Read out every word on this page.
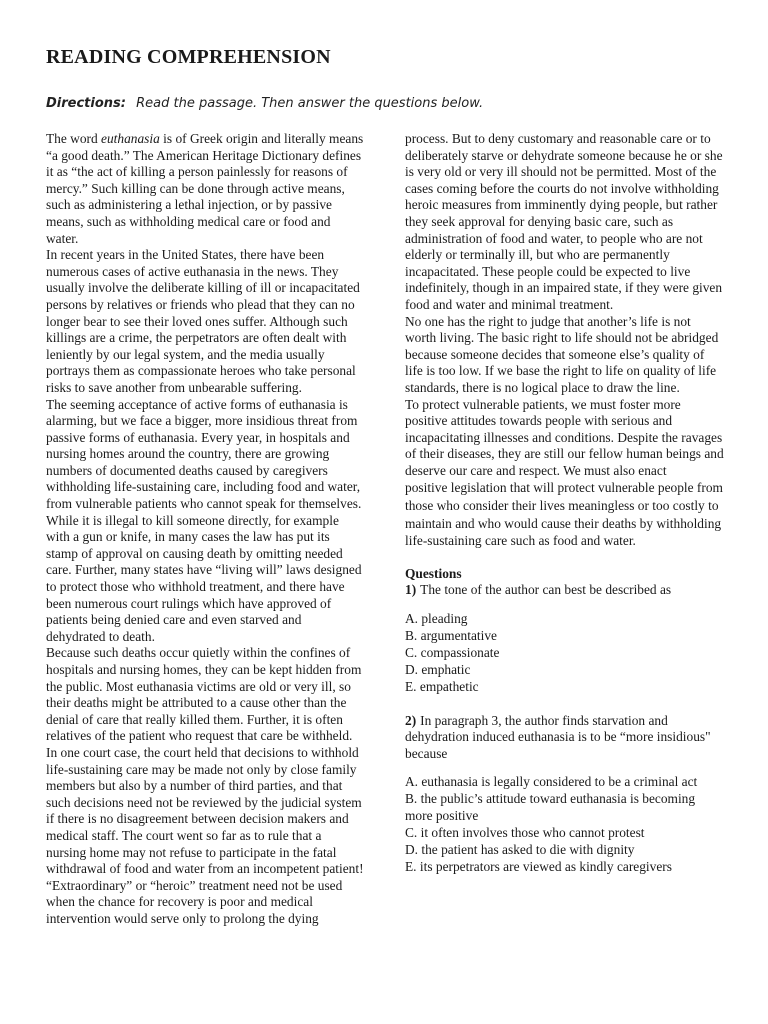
READING COMPREHENSION
Directions: Read the passage. Then answer the questions below.

The word euthanasia is of Greek origin and literally means “a good death.” The American Heritage Dictionary defines it as “the act of killing a person painlessly for reasons of mercy.” Such killing can be done through active means, such as administering a lethal injection, or by passive means, such as withholding medical care or food and water.

In recent years in the United States, there have been numerous cases of active euthanasia in the news. They usually involve the deliberate killing of ill or incapacitated persons by relatives or friends who plead that they can no longer bear to see their loved ones suffer. Although such killings are a crime, the perpetrators are often dealt with leniently by our legal system, and the media usually portrays them as compassionate heroes who take personal risks to save another from unbearable suffering.

The seeming acceptance of active forms of euthanasia is alarming, but we face a bigger, more insidious threat from passive forms of euthanasia. Every year, in hospitals and nursing homes around the country, there are growing numbers of documented deaths caused by caregivers withholding life-sustaining care, including food and water, from vulnerable patients who cannot speak for themselves.

While it is illegal to kill someone directly, for example with a gun or knife, in many cases the law has put its stamp of approval on causing death by omitting needed care. Further, many states have “living will” laws designed to protect those who withhold treatment, and there have been numerous court rulings which have approved of patients being denied care and even starved and dehydrated to death.

Because such deaths occur quietly within the confines of hospitals and nursing homes, they can be kept hidden from the public. Most euthanasia victims are old or very ill, so their deaths might be attributed to a cause other than the denial of care that really killed them. Further, it is often relatives of the patient who request that care be withheld. In one court case, the court held that decisions to withhold life-sustaining care may be made not only by close family members but also by a number of third parties, and that such decisions need not be reviewed by the judicial system if there is no disagreement between decision makers and medical staff. The court went so far as to rule that a nursing home may not refuse to participate in the fatal withdrawal of food and water from an incompetent patient!

“Extraordinary” or “heroic” treatment need not be used when the chance for recovery is poor and medical intervention would serve only to prolong the dying

process. But to deny customary and reasonable care or to deliberately starve or dehydrate someone because he or she is very old or very ill should not be permitted. Most of the cases coming before the courts do not involve withholding heroic measures from imminently dying people, but rather they seek approval for denying basic care, such as administration of food and water, to people who are not elderly or terminally ill, but who are permanently incapacitated. These people could be expected to live indefinitely, though in an impaired state, if they were given food and water and minimal treatment.

No one has the right to judge that another’s life is not worth living. The basic right to life should not be abridged because someone decides that someone else’s quality of life is too low. If we base the right to life on quality of life standards, there is no logical place to draw the line.

To protect vulnerable patients, we must foster more positive attitudes towards people with serious and incapacitating illnesses and conditions. Despite the ravages of their diseases, they are still our fellow human beings and deserve our care and respect. We must also enact

positive legislation that will protect vulnerable people from those who consider their lives meaningless or too costly to maintain and who would cause their deaths by withholding life-sustaining care such as food and water.

Questions

1) The tone of the author can best be described as

A. pleading
B. argumentative
C. compassionate
D. emphatic
E. empathetic

2) In paragraph 3, the author finds starvation and dehydration induced euthanasia is to be “more insidious" because

A. euthanasia is legally considered to be a criminal act
B. the public’s attitude toward euthanasia is becoming more positive
C. it often involves those who cannot protest
D. the patient has asked to die with dignity
E. its perpetrators are viewed as kindly caregivers
